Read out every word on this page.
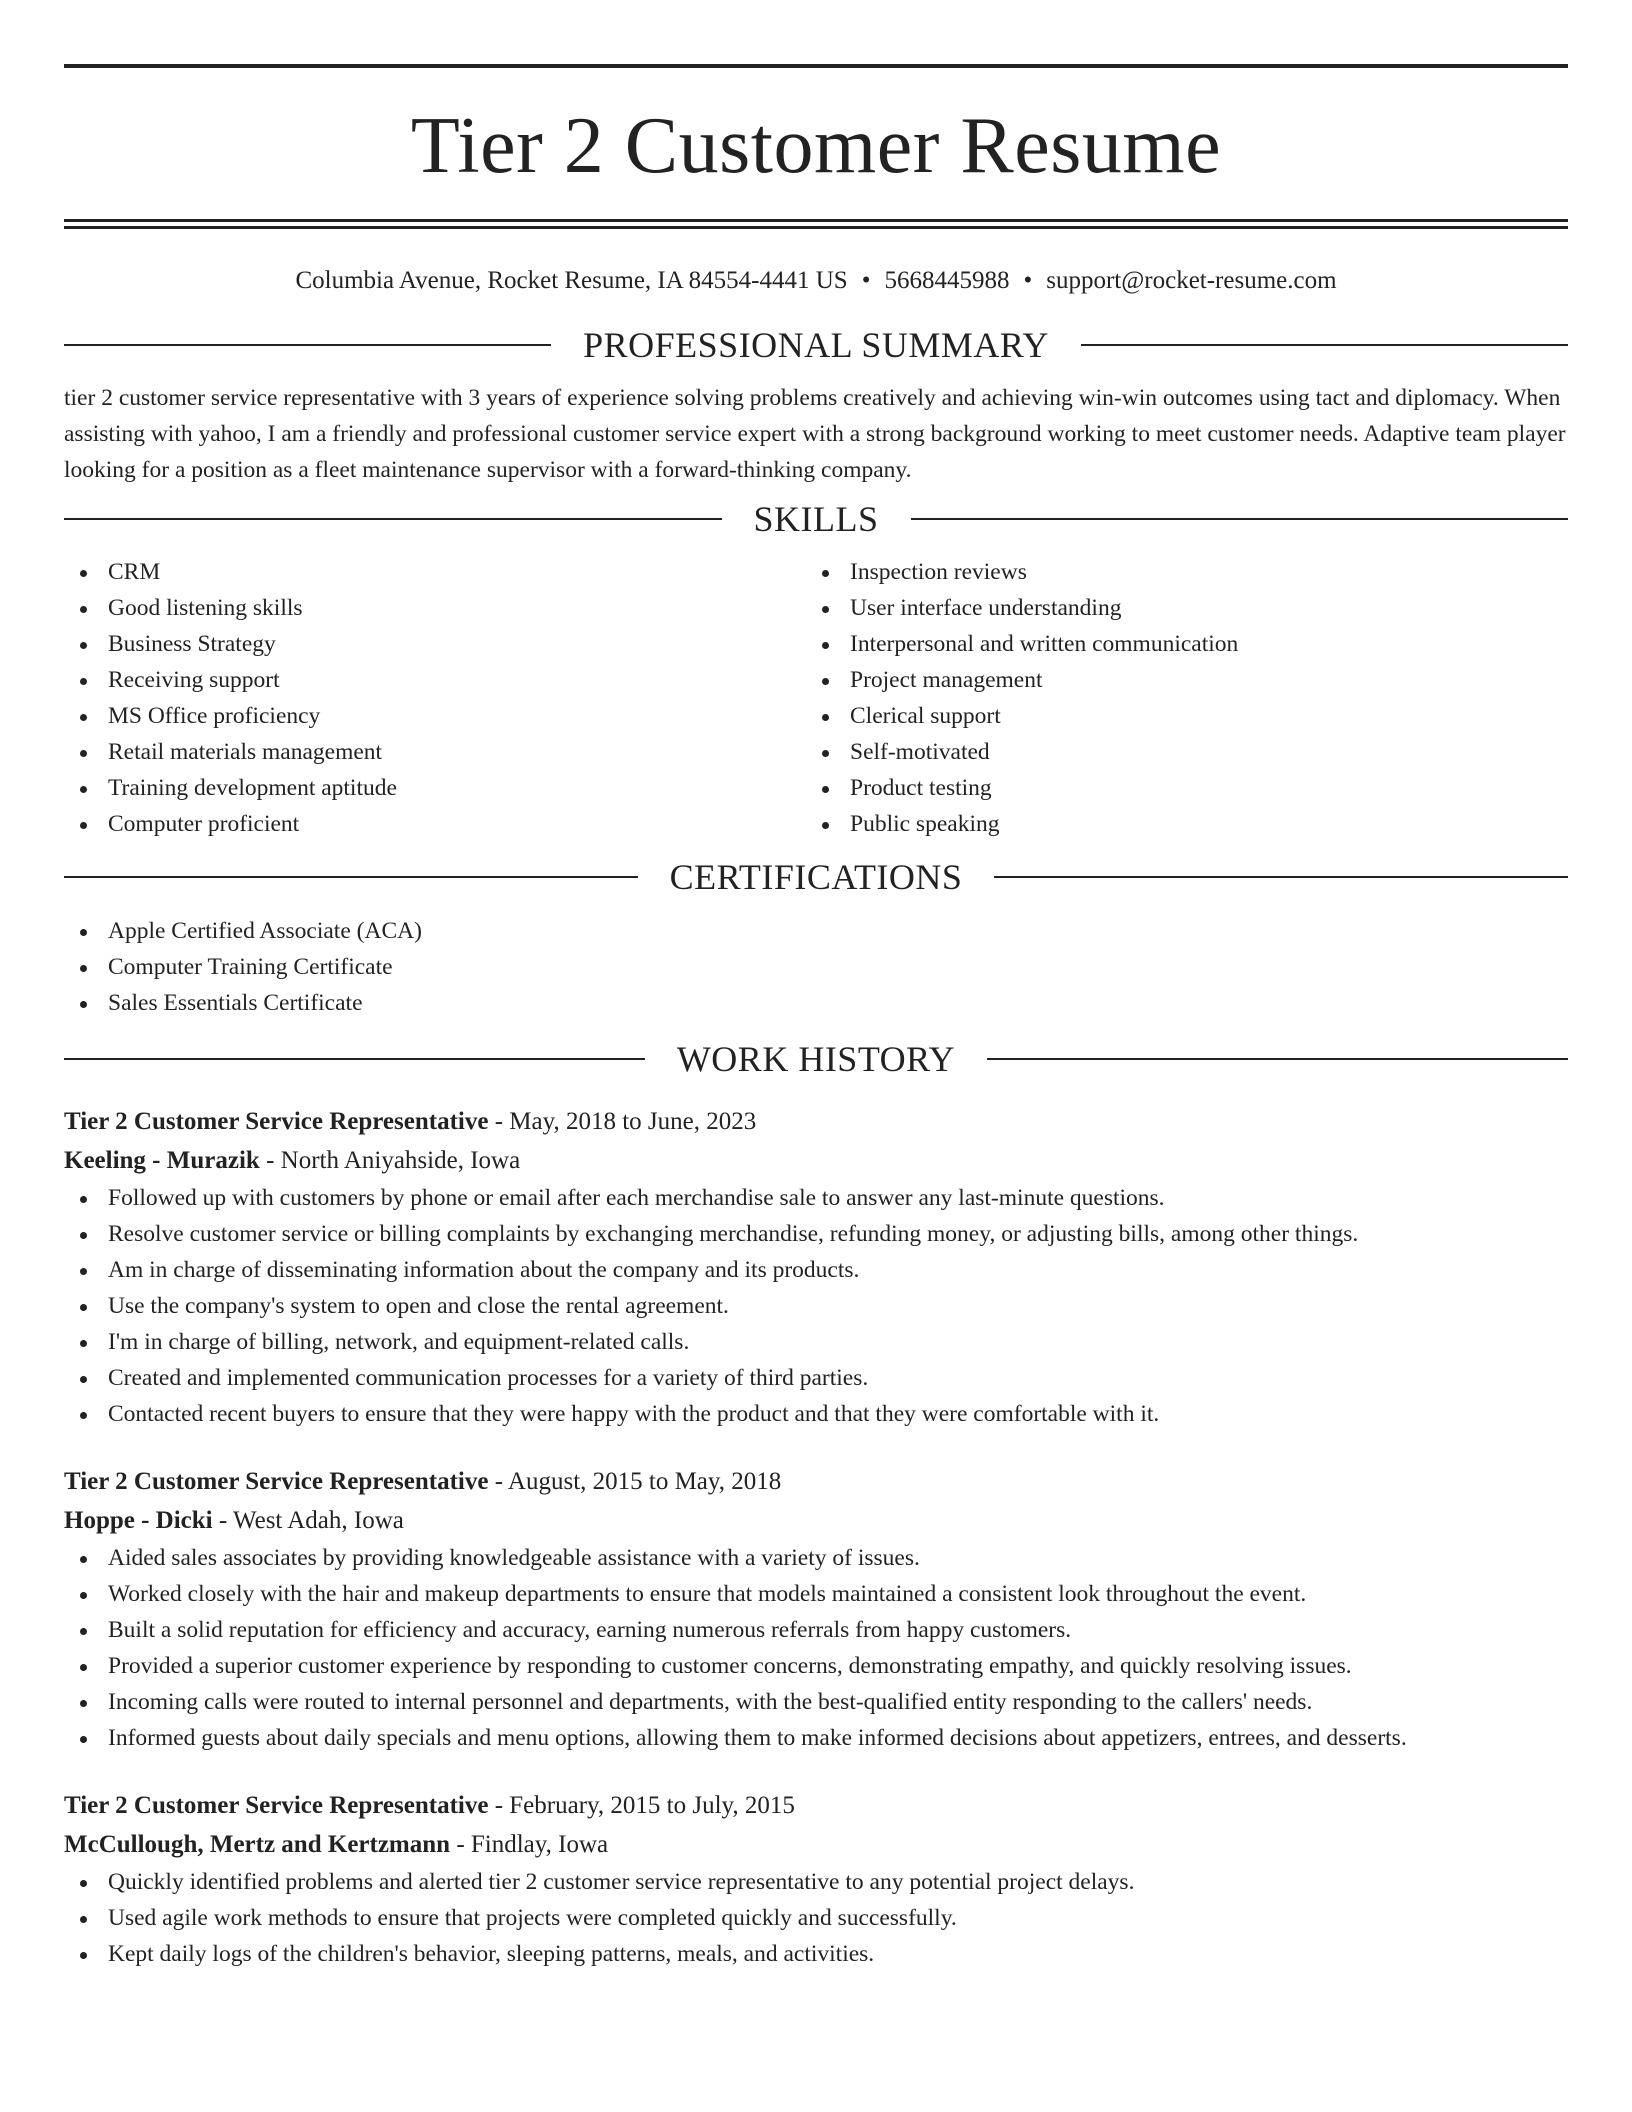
Tier 2 Customer Resume
Columbia Avenue, Rocket Resume, IA 84554-4441 US • 5668445988 • support@rocket-resume.com
PROFESSIONAL SUMMARY

tier 2 customer service representative with 3 years of experience solving problems creatively and achieving win-win outcomes using tact and diplomacy. When assisting with yahoo, I am a friendly and professional customer service expert with a strong background working to meet customer needs. Adaptive team player looking for a position as a fleet maintenance supervisor with a forward-thinking company.

SKILLS
CRM
Good listening skills
Business Strategy
Receiving support
MS Office proficiency
Retail materials management
Training development aptitude
Computer proficient
Inspection reviews
User interface understanding
Interpersonal and written communication
Project management
Clerical support
Self-motivated
Product testing
Public speaking
CERTIFICATIONS
Apple Certified Associate (ACA)
Computer Training Certificate
Sales Essentials Certificate
WORK HISTORY
Tier 2 Customer Service Representative - May, 2018 to June, 2023
Keeling - Murazik - North Aniyahside, Iowa
Followed up with customers by phone or email after each merchandise sale to answer any last-minute questions.
Resolve customer service or billing complaints by exchanging merchandise, refunding money, or adjusting bills, among other things.
Am in charge of disseminating information about the company and its products.
Use the company's system to open and close the rental agreement.
I'm in charge of billing, network, and equipment-related calls.
Created and implemented communication processes for a variety of third parties.
Contacted recent buyers to ensure that they were happy with the product and that they were comfortable with it.
Tier 2 Customer Service Representative - August, 2015 to May, 2018
Hoppe - Dicki - West Adah, Iowa
Aided sales associates by providing knowledgeable assistance with a variety of issues.
Worked closely with the hair and makeup departments to ensure that models maintained a consistent look throughout the event.
Built a solid reputation for efficiency and accuracy, earning numerous referrals from happy customers.
Provided a superior customer experience by responding to customer concerns, demonstrating empathy, and quickly resolving issues.
Incoming calls were routed to internal personnel and departments, with the best-qualified entity responding to the callers' needs.
Informed guests about daily specials and menu options, allowing them to make informed decisions about appetizers, entrees, and desserts.
Tier 2 Customer Service Representative - February, 2015 to July, 2015
McCullough, Mertz and Kertzmann - Findlay, Iowa
Quickly identified problems and alerted tier 2 customer service representative to any potential project delays.
Used agile work methods to ensure that projects were completed quickly and successfully.
Kept daily logs of the children's behavior, sleeping patterns, meals, and activities.
